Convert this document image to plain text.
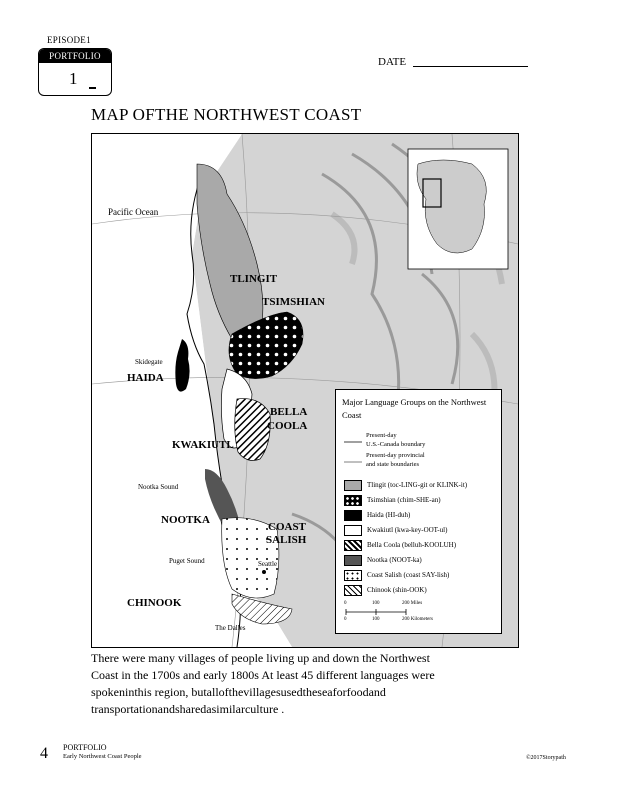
EPISODE1
PORTFOLIO
1
DATE
MAP OFTHE NORTHWEST COAST
Pacific Ocean
TLINGIT
TSIMSHIAN
Skidegate
HAIDA
BELLA
COOLA
KWAKIUTL
Nootka Sound
NOOTKA
COAST
SALISH
Puget Sound	Seattle
CHINOOK
The Dalles
Major Language Groups on the Northwest Coast
Present-day
U.S.-Canada boundary
Present-day provincial
and state boundaries
Tlingit (toc-LING-git or KLINK-it)
Tsimshian (chim-SHE-an)
Haida (HI-duh)
Kwakiutl (kwa-key-OOT-ul)
Bella Coola (belluh-KOOLUH)
Nootka (NOOT-ka)
Coast Salish (coast SAY-lish)
Chinook (shin-OOK)
0	100	200 Miles
0	100	200 Kilometers
There were many villages of people living up and down the Northwest
Coast in the 1700s and early 1800s At least 45 different languages were
spokeninthis region, butallofthevillagesusedtheseaforfoodand
transportationandsharedasimilarculture .
4 PORTFOLIO
Early Northwest Coast People	©2017Storypath
